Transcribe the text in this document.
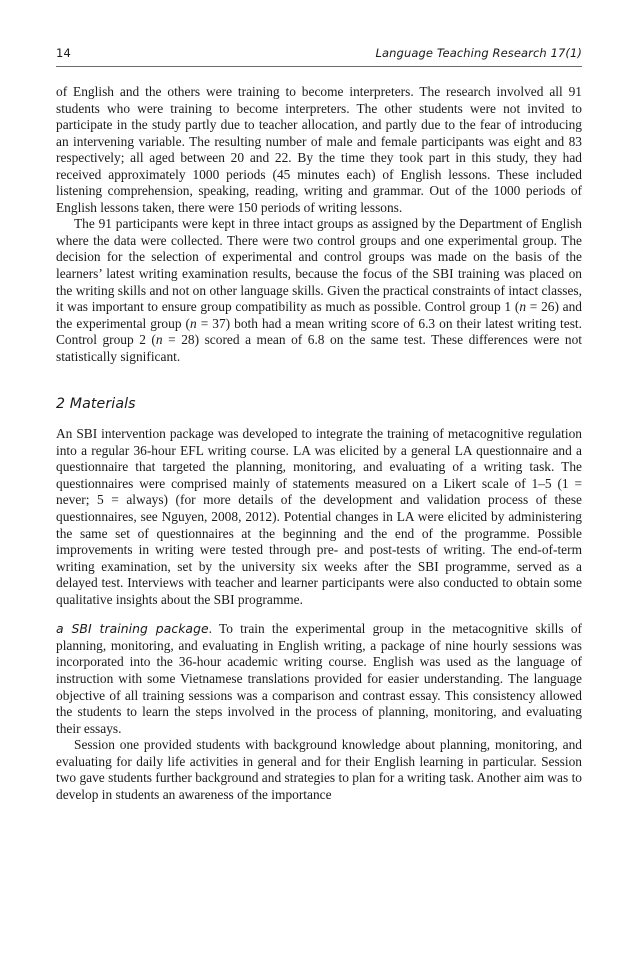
14	Language Teaching Research 17(1)

of English and the others were training to become interpreters. The research involved all 91 students who were training to become interpreters. The other students were not invited to participate in the study partly due to teacher allocation, and partly due to the fear of introducing an intervening variable. The resulting number of male and female participants was eight and 83 respectively; all aged between 20 and 22. By the time they took part in this study, they had received approximately 1000 periods (45 minutes each) of English lessons. These included listening comprehension, speaking, reading, writing and grammar. Out of the 1000 periods of English lessons taken, there were 150 periods of writing lessons.

The 91 participants were kept in three intact groups as assigned by the Department of English where the data were collected. There were two control groups and one experimental group. The decision for the selection of experimental and control groups was made on the basis of the learners’ latest writing examination results, because the focus of the SBI training was placed on the writing skills and not on other language skills. Given the practical constraints of intact classes, it was important to ensure group compatibility as much as possible. Control group 1 (n = 26) and the experimental group (n = 37) both had a mean writing score of 6.3 on their latest writing test. Control group 2 (n = 28) scored a mean of 6.8 on the same test. These differences were not statistically significant.

2 Materials

An SBI intervention package was developed to integrate the training of metacognitive regulation into a regular 36-hour EFL writing course. LA was elicited by a general LA questionnaire and a questionnaire that targeted the planning, monitoring, and evaluating of a writing task. The questionnaires were comprised mainly of statements measured on a Likert scale of 1–5 (1 = never; 5 = always) (for more details of the development and validation process of these questionnaires, see Nguyen, 2008, 2012). Potential changes in LA were elicited by administering the same set of questionnaires at the beginning and the end of the programme. Possible improvements in writing were tested through pre- and post-tests of writing. The end-of-term writing examination, set by the university six weeks after the SBI programme, served as a delayed test. Interviews with teacher and learner participants were also conducted to obtain some qualitative insights about the SBI programme.

a SBI training package. To train the experimental group in the metacognitive skills of planning, monitoring, and evaluating in English writing, a package of nine hourly sessions was incorporated into the 36-hour academic writing course. English was used as the language of instruction with some Vietnamese translations provided for easier understanding. The language objective of all training sessions was a comparison and contrast essay. This consistency allowed the students to learn the steps involved in the process of planning, monitoring, and evaluating their essays.

Session one provided students with background knowledge about planning, monitoring, and evaluating for daily life activities in general and for their English learning in particular. Session two gave students further background and strategies to plan for a writing task. Another aim was to develop in students an awareness of the importance
